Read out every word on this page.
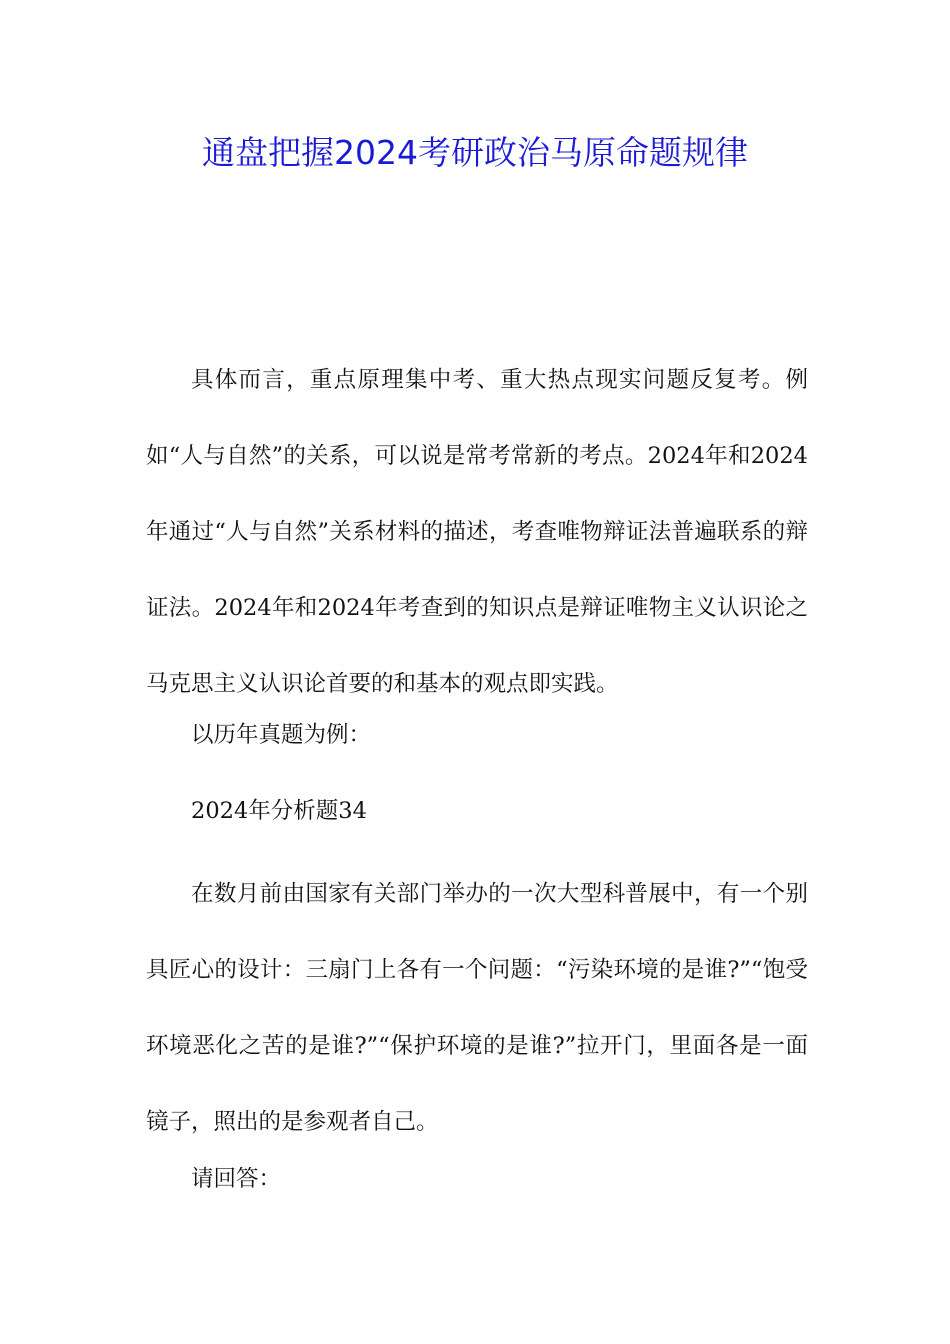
通盘把握2024考研政治马原命题规律

具体而言，重点原理集中考、重大热点现实问题反复考。例如“人与自然”的关系，可以说是常考常新的考点。2024年和2024年通过“人与自然”关系材料的描述，考查唯物辩证法普遍联系的辩证法。2024年和2024年考查到的知识点是辩证唯物主义认识论之马克思主义认识论首要的和基本的观点即实践。

以历年真题为例：

2024年分析题34

在数月前由国家有关部门举办的一次大型科普展中，有一个别具匠心的设计：三扇门上各有一个问题：“污染环境的是谁?”“饱受环境恶化之苦的是谁?”“保护环境的是谁?”拉开门，里面各是一面镜子，照出的是参观者自己。

请回答：
